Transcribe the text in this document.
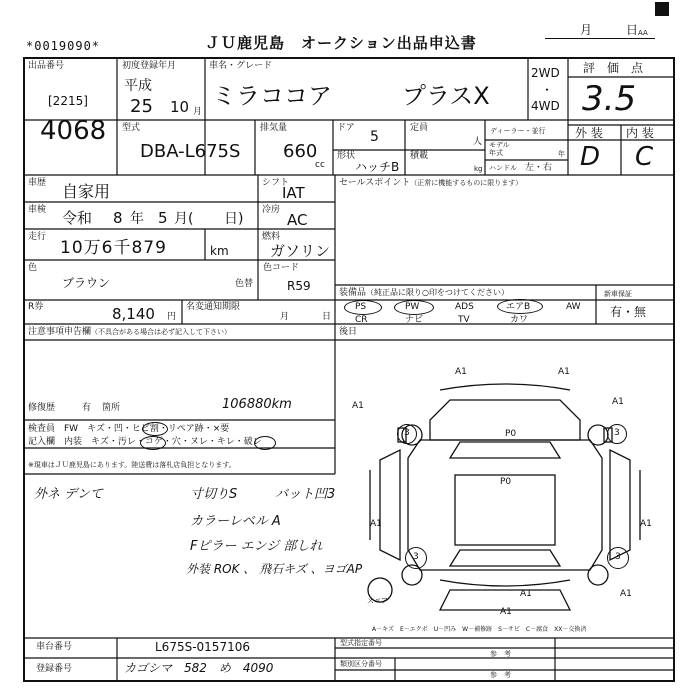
*0019090*	ＪＵ鹿児島　オークション出品申込書
月	日 AA
出品番号
[2215]
4068
初度登録年月
平成
25 10 月
車名・グレード
ミラココア	プラスX
2WD
・
4WD
評　価　点
3.5
外 装 内 装
D C
型式
DBA-L675S
排気量
660
cc
ドア
5
形状
ハッチB
定員
人
積載
kg
ディーラー・並行
モデル
年式	年
ハンドル 左・右
車歴 自家用	シフト
IAT
車検 令和 8 年 5 月( 日)
冷房
AC
走行
10万6千879	km
燃料
ガソリン
色
ブラウン	色替
色コード
R59
R券	8,140 円
名変通知期限
月	日
セールスポイント（正常に機能するものに限ります）
装備品（純正品に限り○印をつけてください）
PS	PW	ADS	エアB	AW
CR	ナビ	TV	カワ
新車保証
有・無
後日
注意事項申告欄（不具合がある場合は必ず記入して下さい）
修復歴	有 箇所	106880km
検査員　FW　キズ・凹・ヒビ割・リペア跡・×要
記入欄 内装　キズ・汚レ・コゲ・穴・ヌレ・キレ・破レ
※現車はＪＵ鹿児島にあります。陸送費は落札店負担となります。
外ネ デンて	寸切りS	バット凹3
カラーレベル A
Fピラー エンジ 部しれ
外装 ROK 、 飛石キズ 、ヨゴAP
A1	A1
A1
A1
A1	A1
A1
A1
A1
P0
P0
3	3
3	3
スペア
A－キズ　E－エクボ　U－凹み　W－補修跡　S－サビ　C－腐食　XX－交換済
車台番号	L675S-0157106
登録番号	カゴシマ　582　め　4090
型式指定番号
類別区分番号
参　考
参　考
